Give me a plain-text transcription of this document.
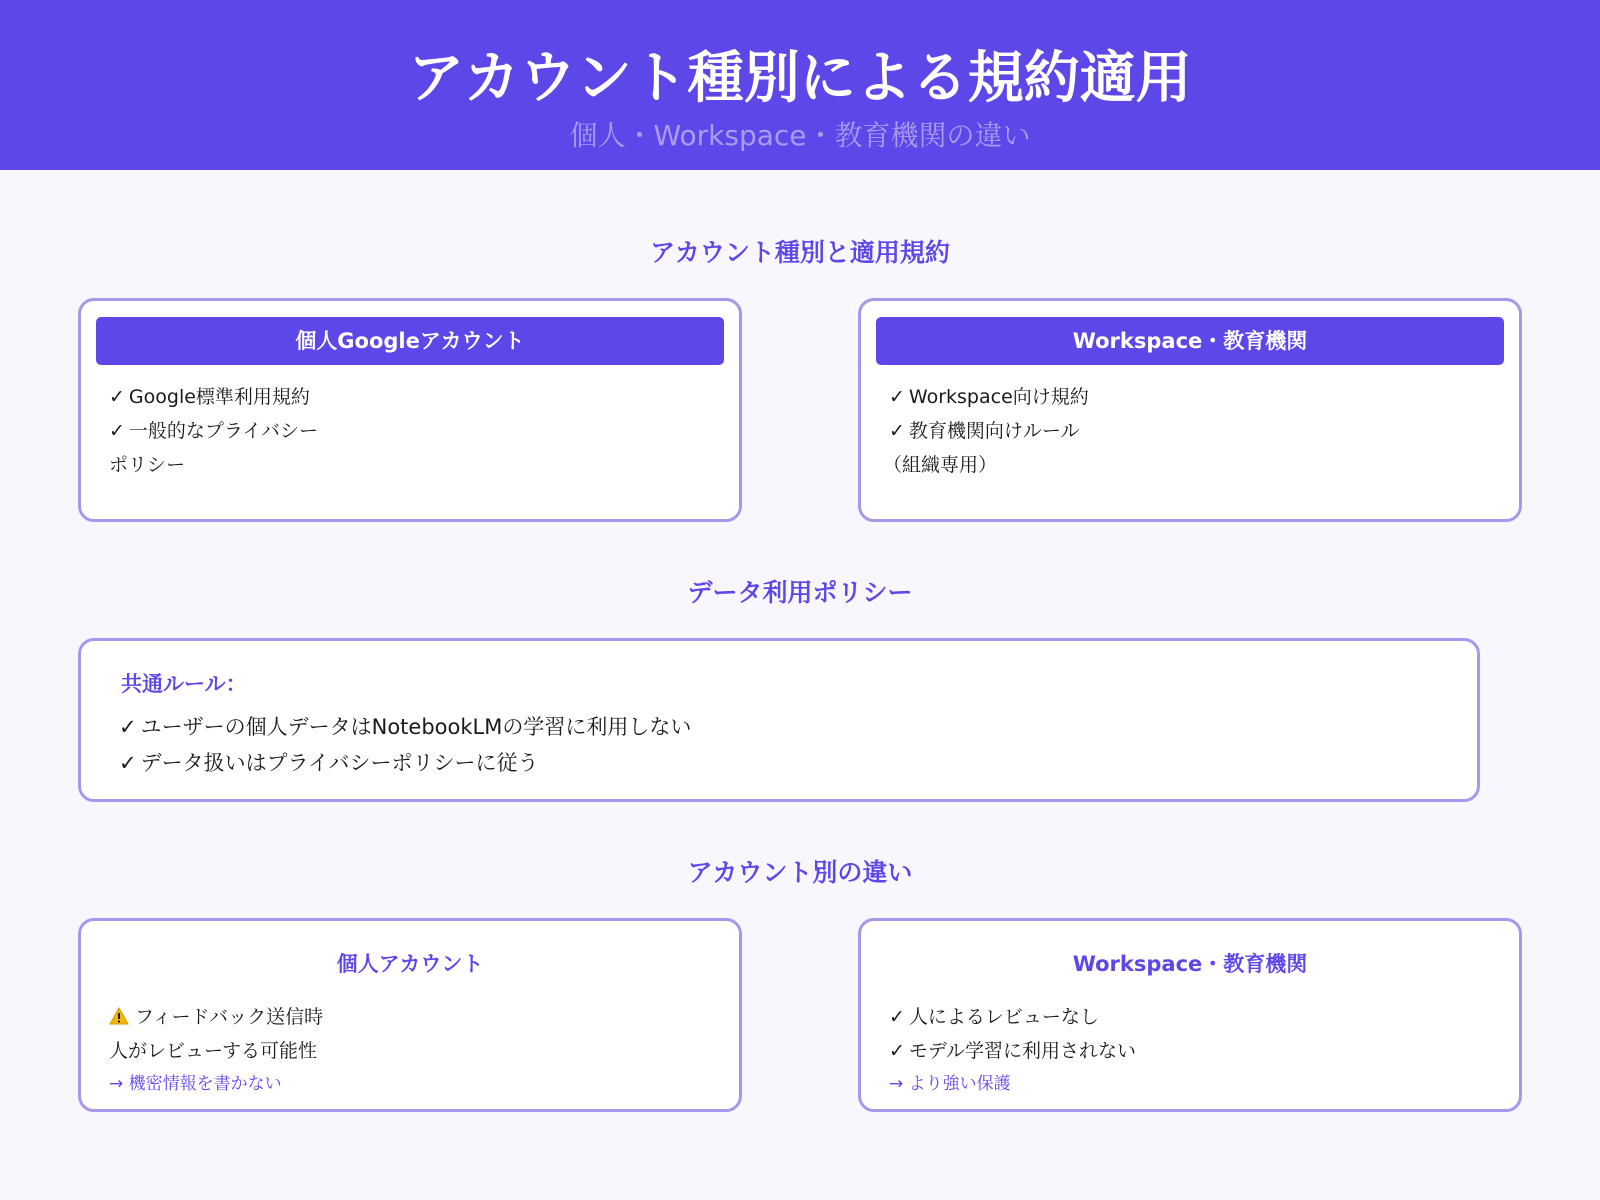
アカウント種別による規約適用
個人・Workspace・教育機関の違い
アカウント種別と適用規約
個人Googleアカウント
✓ Google標準利用規約
✓ 一般的なプライバシー
ポリシー
Workspace・教育機関
✓ Workspace向け規約
✓ 教育機関向けルール
（組織専用）
データ利用ポリシー
共通ルール：
✓ ユーザーの個人データはNotebookLMの学習に利用しない
✓ データ扱いはプライバシーポリシーに従う
アカウント別の違い
個人アカウント
フィードバック送信時
人がレビューする可能性
→ 機密情報を書かない
Workspace・教育機関
✓ 人によるレビューなし
✓ モデル学習に利用されない
→ より強い保護
